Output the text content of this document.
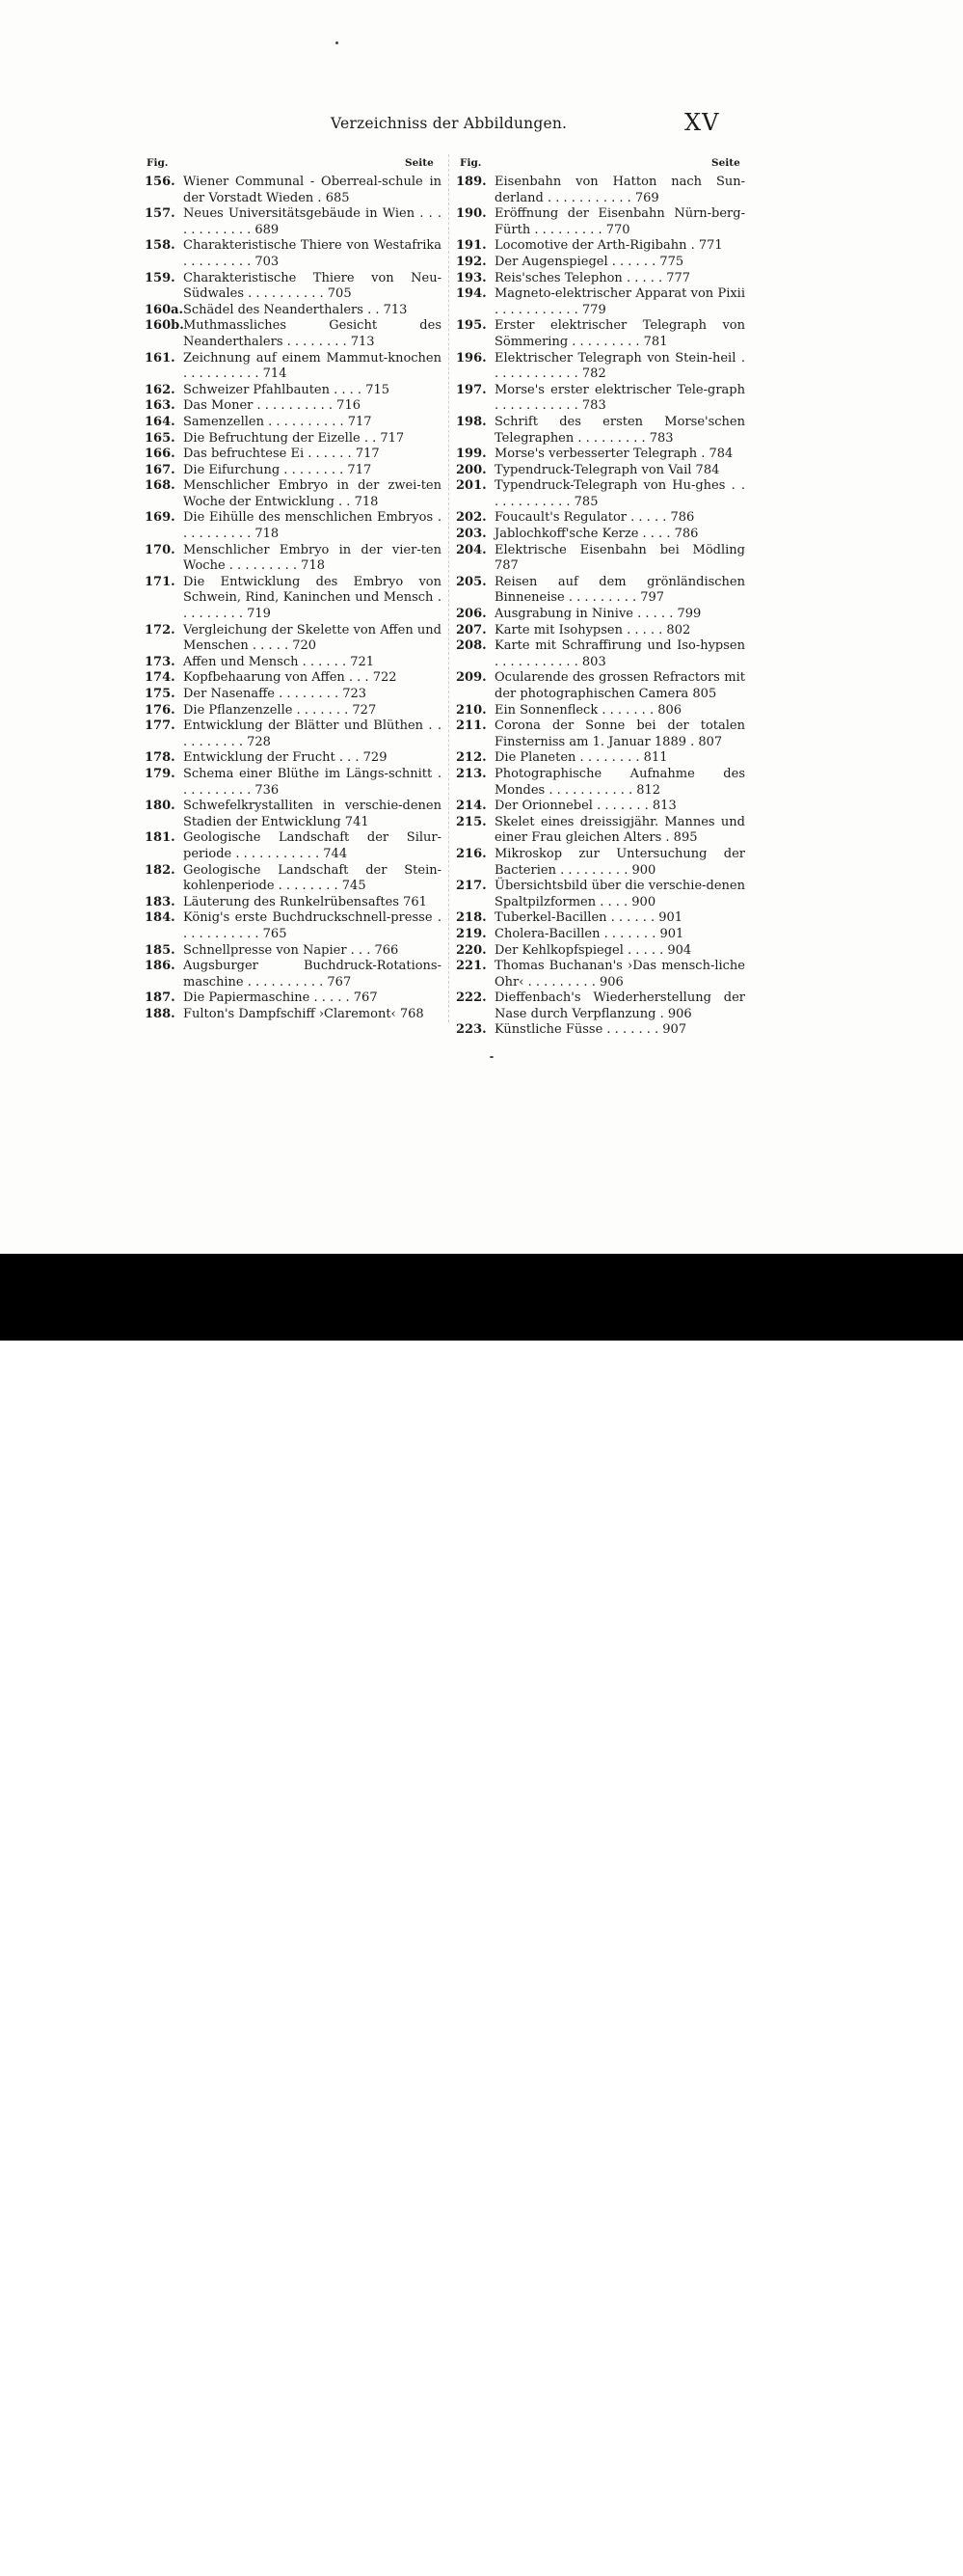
Verzeichniss der Abbildungen.	XV
Fig.	Seite	Fig.	Seite
156. Wiener Communal - Oberreal-schule in der Vorstadt Wieden . 685
157. Neues Universitätsgebäude in Wien . . . . . . . . . . . . 689
158. Charakteristische Thiere von Westafrika . . . . . . . . . 703
159. Charakteristische Thiere von Neu-Südwales . . . . . . . . . . 705
160a. Schädel des Neanderthalers . . 713
160b. Muthmassliches Gesicht des Neanderthalers . . . . . . . . 713
161. Zeichnung auf einem Mammut-knochen . . . . . . . . . . 714
162. Schweizer Pfahlbauten . . . . 715
163. Das Moner . . . . . . . . . . 716
164. Samenzellen . . . . . . . . . . 717
165. Die Befruchtung der Eizelle . . 717
166. Das befruchtese Ei . . . . . . 717
167. Die Eifurchung . . . . . . . . 717
168. Menschlicher Embryo in der zwei-ten Woche der Entwicklung . . 718
169. Die Eihülle des menschlichen Embryos . . . . . . . . . . 718
170. Menschlicher Embryo in der vier-ten Woche . . . . . . . . . 718
171. Die Entwicklung des Embryo von Schwein, Rind, Kaninchen und Mensch . . . . . . . . . 719
172. Vergleichung der Skelette von Affen und Menschen . . . . . 720
173. Affen und Mensch . . . . . . 721
174. Kopfbehaarung von Affen . . . 722
175. Der Nasenaffe . . . . . . . . 723
176. Die Pflanzenzelle . . . . . . . 727
177. Entwicklung der Blätter und Blüthen . . . . . . . . . . 728
178. Entwicklung der Frucht . . . 729
179. Schema einer Blüthe im Längs-schnitt . . . . . . . . . . 736
180. Schwefelkrystalliten in verschie-denen Stadien der Entwicklung 741
181. Geologische Landschaft der Silur-periode . . . . . . . . . . . 744
182. Geologische Landschaft der Stein-kohlenperiode . . . . . . . . 745
183. Läuterung des Runkelrübensaftes 761
184. König's erste Buchdruckschnell-presse . . . . . . . . . . . 765
185. Schnellpresse von Napier . . . 766
186. Augsburger Buchdruck-Rotations-maschine . . . . . . . . . . 767
187. Die Papiermaschine . . . . . 767
188. Fulton's Dampfschiff ›Claremont‹ 768
189. Eisenbahn von Hatton nach Sun-derland . . . . . . . . . . . 769
190. Eröffnung der Eisenbahn Nürn-berg-Fürth . . . . . . . . . 770
191. Locomotive der Arth-Rigibahn . 771
192. Der Augenspiegel . . . . . . 775
193. Reis'sches Telephon . . . . . 777
194. Magneto-elektrischer Apparat von Pixii . . . . . . . . . . . 779
195. Erster elektrischer Telegraph von Sömmering . . . . . . . . . 781
196. Elektrischer Telegraph von Stein-heil . . . . . . . . . . . . 782
197. Morse's erster elektrischer Tele-graph . . . . . . . . . . . 783
198. Schrift des ersten Morse'schen Telegraphen . . . . . . . . . 783
199. Morse's verbesserter Telegraph . 784
200. Typendruck-Telegraph von Vail 784
201. Typendruck-Telegraph von Hu-ghes . . . . . . . . . . . . 785
202. Foucault's Regulator . . . . . 786
203. Jablochkoff'sche Kerze . . . . 786
204. Elektrische Eisenbahn bei Mödling 787
205. Reisen auf dem grönländischen Binneneise . . . . . . . . . 797
206. Ausgrabung in Ninive . . . . . 799
207. Karte mit Isohypsen . . . . . 802
208. Karte mit Schraffirung und Iso-hypsen . . . . . . . . . . . 803
209. Ocularende des grossen Refractors mit der photographischen Camera 805
210. Ein Sonnenfleck . . . . . . . 806
211. Corona der Sonne bei der totalen Finsterniss am 1. Januar 1889 . 807
212. Die Planeten . . . . . . . . 811
213. Photographische Aufnahme des Mondes . . . . . . . . . . . 812
214. Der Orionnebel . . . . . . . 813
215. Skelet eines dreissigjähr. Mannes und einer Frau gleichen Alters . 895
216. Mikroskop zur Untersuchung der Bacterien . . . . . . . . . 900
217. Übersichtsbild über die verschie-denen Spaltpilzformen . . . . 900
218. Tuberkel-Bacillen . . . . . . 901
219. Cholera-Bacillen . . . . . . . 901
220. Der Kehlkopfspiegel . . . . . 904
221. Thomas Buchanan's ›Das mensch-liche Ohr‹ . . . . . . . . . 906
222. Dieffenbach's Wiederherstellung der Nase durch Verpflanzung . 906
223. Künstliche Füsse . . . . . . . 907
alamy	JHCK4C
www.alamy.com
